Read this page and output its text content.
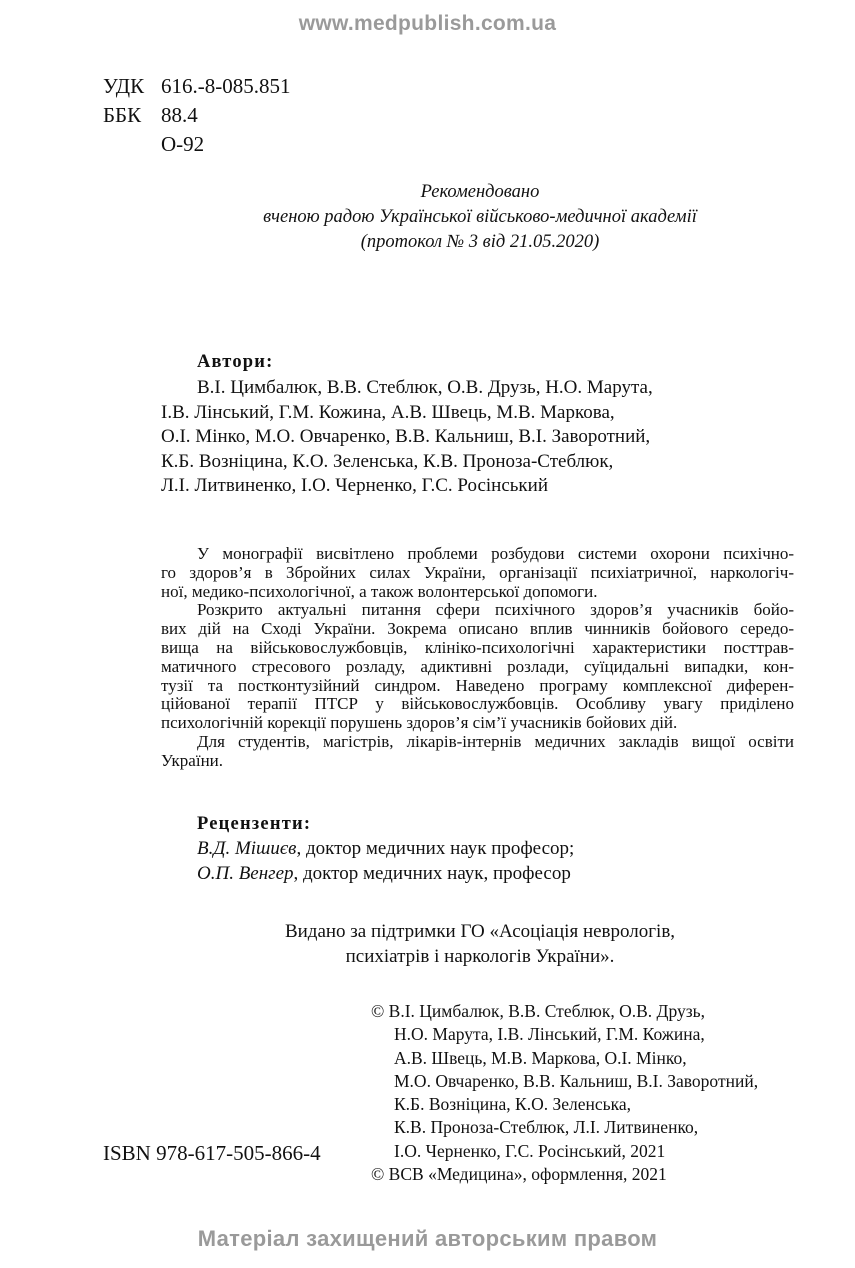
www.medpublish.com.ua
УДК 616.-8-085.851
ББК 88.4
О-92
Рекомендовано
вченою радою Української військово-медичної академії
(протокол № 3 від 21.05.2020)
Автори:
В.І. Цимбалюк, В.В. Стеблюк, О.В. Друзь, Н.О. Марута,
І.В. Лінський, Г.М. Кожина, А.В. Швець, М.В. Маркова,
О.І. Мінко, М.О. Овчаренко, В.В. Кальниш, В.І. Заворотний,
К.Б. Возніцина, К.О. Зеленська, К.В. Проноза-Стеблюк,
Л.І. Литвиненко, І.О. Черненко, Г.С. Росінський
У монографії висвітлено проблеми розбудови системи охорони психічно-
го здоров’я в Збройних силах України, організації психіатричної, наркологіч-
ної, медико-психологічної, а також волонтерської допомоги.
Розкрито актуальні питання сфери психічного здоров’я учасників бойо-
вих дій на Сході України. Зокрема описано вплив чинників бойового середо-
вища на військовослужбовців, клініко-психологічні характеристики посттрав-
матичного стресового розладу, адиктивні розлади, суїцидальні випадки, кон-
тузії та постконтузійний синдром. Наведено програму комплексної диферен-
ційованої терапії ПТСР у військовослужбовців. Особливу увагу приділено
психологічній корекції порушень здоров’я сім’ї учасників бойових дій.
Для студентів, магістрів, лікарів-інтернів медичних закладів вищої освіти
України.
Рецензенти:
В.Д. Мішиєв, доктор медичних наук професор;
О.П. Венгер, доктор медичних наук, професор
Видано за підтримки ГО «Асоціація неврологів,
психіатрів і наркологів України».
© В.І. Цимбалюк, В.В. Стеблюк, О.В. Друзь,
Н.О. Марута, І.В. Лінський, Г.М. Кожина,
А.В. Швець, М.В. Маркова, О.І. Мінко,
М.О. Овчаренко, В.В. Кальниш, В.І. Заворотний,
К.Б. Возніцина, К.О. Зеленська,
К.В. Проноза-Стеблюк, Л.І. Литвиненко,
І.О. Черненко, Г.С. Росінський, 2021
© ВСВ «Медицина», оформлення, 2021
ISBN 978-617-505-866-4
Матеріал захищений авторським правом
